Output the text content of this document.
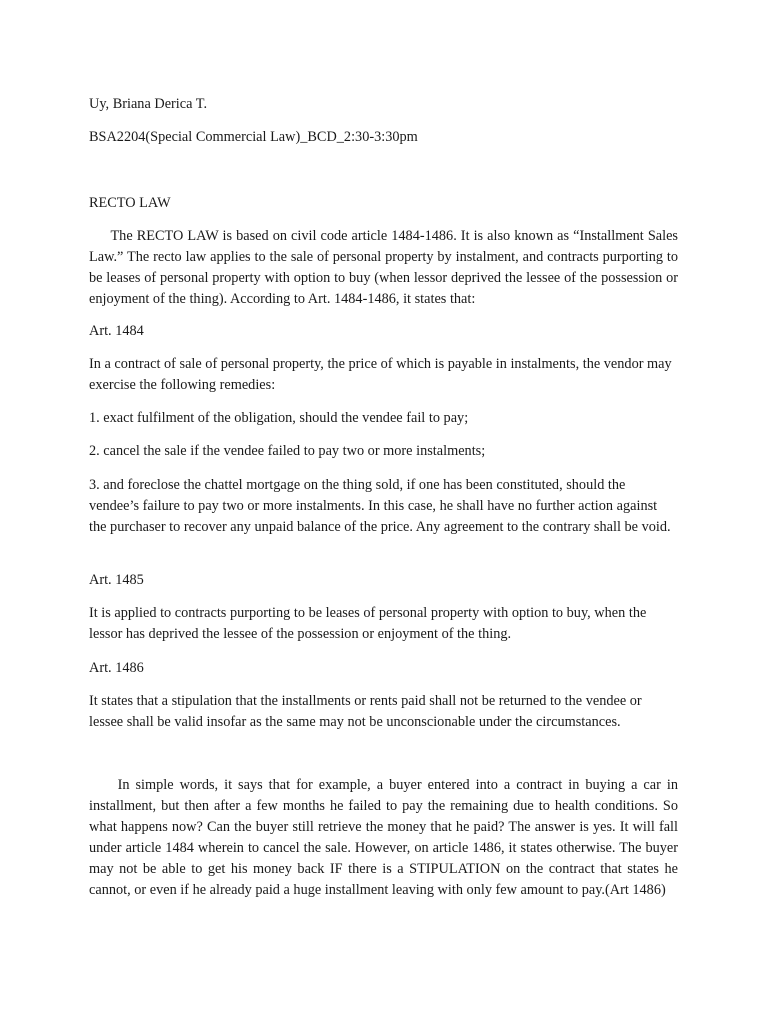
Uy, Briana Derica T.

BSA2204(Special Commercial Law)_BCD_2:30-3:30pm

RECTO LAW

  The RECTO LAW is based on civil code article 1484-1486. It is also known as “Installment Sales Law.” The recto law applies to the sale of personal property by instalment, and contracts purporting to be leases of personal property with option to buy (when lessor deprived the lessee of the possession or enjoyment of the thing). According to Art. 1484-1486, it states that:

Art. 1484

In a contract of sale of personal property, the price of which is payable in instalments, the vendor may exercise the following remedies:

1. exact fulfilment of the obligation, should the vendee fail to pay;

2. cancel the sale if the vendee failed to pay two or more instalments;

3. and foreclose the chattel mortgage on the thing sold, if one has been constituted, should the vendee’s failure to pay two or more instalments. In this case, he shall have no further action against the purchaser to recover any unpaid balance of the price. Any agreement to the contrary shall be void.

Art. 1485

It is applied to contracts purporting to be leases of personal property with option to buy, when the lessor has deprived the lessee of the possession or enjoyment of the thing.

Art. 1486

It states that a stipulation that the installments or rents paid shall not be returned to the vendee or lessee shall be valid insofar as the same may not be unconscionable under the circumstances.

  In simple words, it says that for example, a buyer entered into a contract in buying a car in installment, but then after a few months he failed to pay the remaining due to health conditions. So what happens now? Can the buyer still retrieve the money that he paid? The answer is yes. It will fall under article 1484 wherein to cancel the sale. However, on article 1486, it states otherwise. The buyer may not be able to get his money back IF there is a STIPULATION on the contract that states he cannot, or even if he already paid a huge installment leaving with only few amount to pay.(Art 1486)
